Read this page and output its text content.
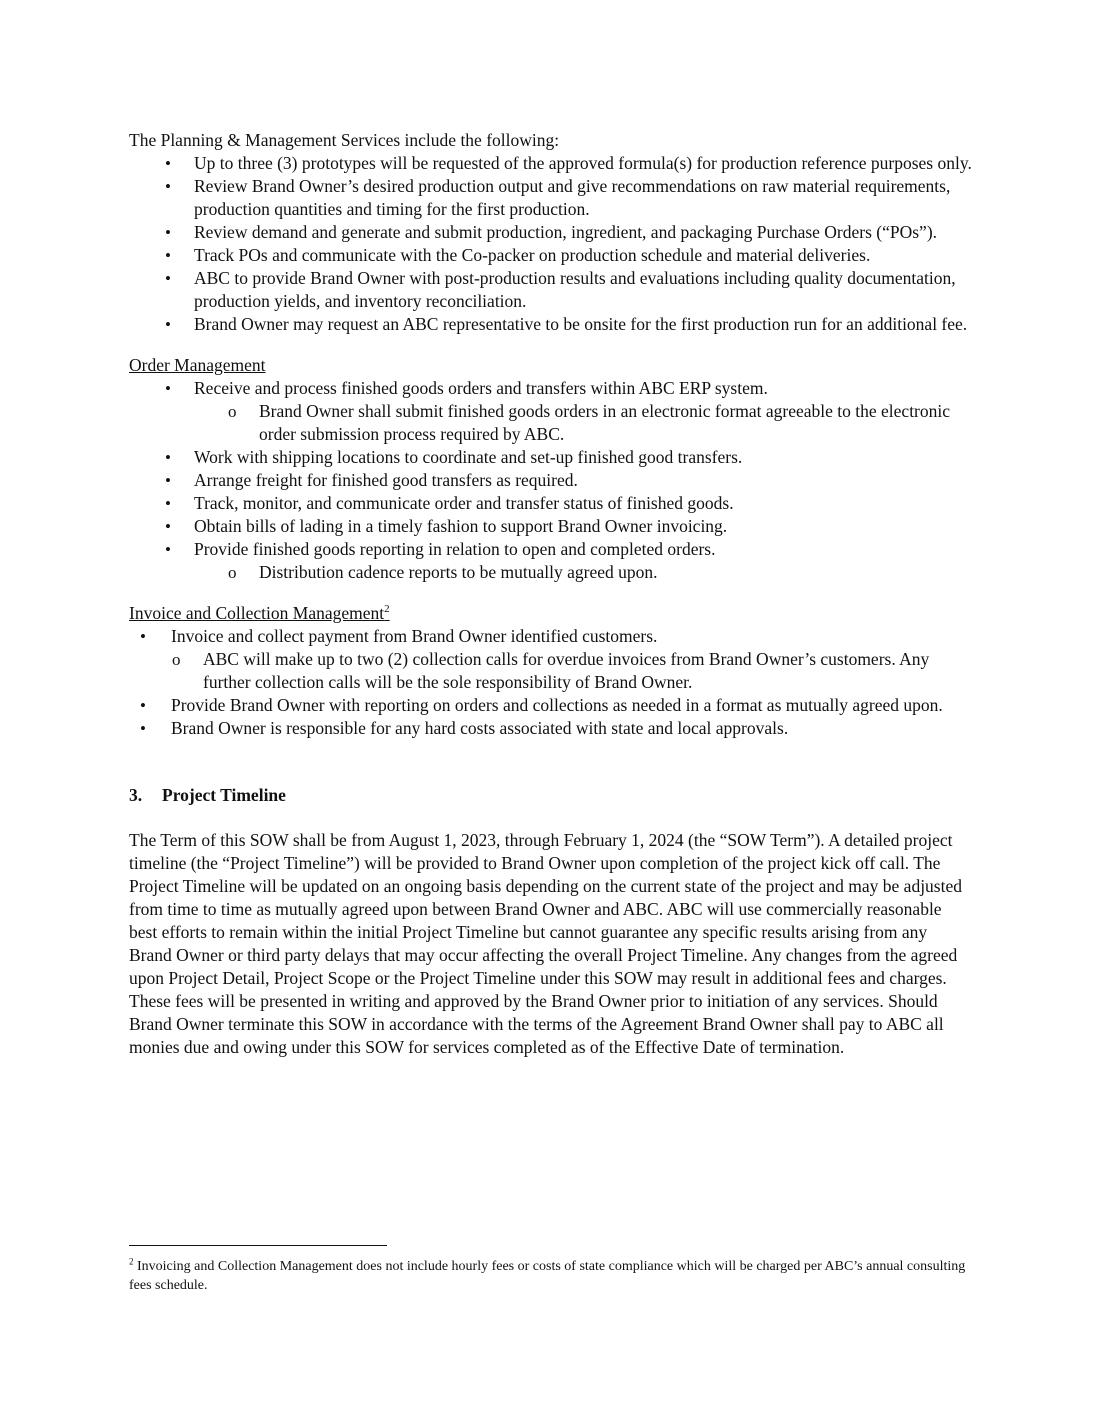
The Planning & Management Services include the following:

• Up to three (3) prototypes will be requested of the approved formula(s) for production reference purposes only.
• Review Brand Owner’s desired production output and give recommendations on raw material requirements, production quantities and timing for the first production.
• Review demand and generate and submit production, ingredient, and packaging Purchase Orders (“POs”).
• Track POs and communicate with the Co-packer on production schedule and material deliveries.
• ABC to provide Brand Owner with post-production results and evaluations including quality documentation, production yields, and inventory reconciliation.
• Brand Owner may request an ABC representative to be onsite for the first production run for an additional fee.

Order Management

• Receive and process finished goods orders and transfers within ABC ERP system.
o Brand Owner shall submit finished goods orders in an electronic format agreeable to the electronic order submission process required by ABC.
• Work with shipping locations to coordinate and set-up finished good transfers.
• Arrange freight for finished good transfers as required.
• Track, monitor, and communicate order and transfer status of finished goods.
• Obtain bills of lading in a timely fashion to support Brand Owner invoicing.
• Provide finished goods reporting in relation to open and completed orders.
o Distribution cadence reports to be mutually agreed upon.

Invoice and Collection Management$^2$

• Invoice and collect payment from Brand Owner identified customers.
o ABC will make up to two (2) collection calls for overdue invoices from Brand Owner’s customers. Any further collection calls will be the sole responsibility of Brand Owner.
• Provide Brand Owner with reporting on orders and collections as needed in a format as mutually agreed upon.
• Brand Owner is responsible for any hard costs associated with state and local approvals.
3. Project Timeline

The Term of this SOW shall be from August 1, 2023, through February 1, 2024 (the “SOW Term”). A detailed project timeline (the “Project Timeline”) will be provided to Brand Owner upon completion of the project kick off call. The Project Timeline will be updated on an ongoing basis depending on the current state of the project and may be adjusted from time to time as mutually agreed upon between Brand Owner and ABC. ABC will use commercially reasonable best efforts to remain within the initial Project Timeline but cannot guarantee any specific results arising from any Brand Owner or third party delays that may occur affecting the overall Project Timeline. Any changes from the agreed upon Project Detail, Project Scope or the Project Timeline under this SOW may result in additional fees and charges. These fees will be presented in writing and approved by the Brand Owner prior to initiation of any services. Should Brand Owner terminate this SOW in accordance with the terms of the Agreement Brand Owner shall pay to ABC all monies due and owing under this SOW for services completed as of the Effective Date of termination.

$^2$ Invoicing and Collection Management does not include hourly fees or costs of state compliance which will be charged per ABC’s annual consulting fees schedule.
